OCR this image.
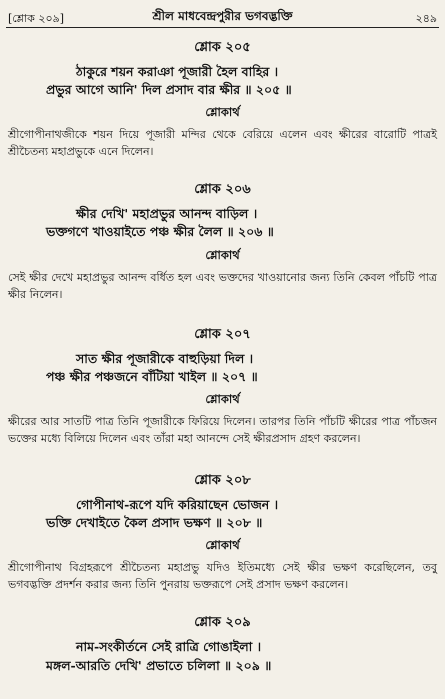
[শ্লোক ২০৯]	শ্রীল মাধবেন্দ্রপুরীর ভগবদ্ভক্তি	২৪৯
শ্লোক ২০৫
ঠাকুরে শয়ন করাঞা পূজারী হৈল বাহির ।
প্রভুর আগে আনি' দিল প্রসাদ বার ক্ষীর ॥ ২০৫ ॥
শ্লোকার্থ
শ্রীগোপীনাথজীকে শয়ন দিয়ে পূজারী মন্দির থেকে বেরিয়ে এলেন এবং ক্ষীরের বারোটি পাত্রই শ্রীচৈতন্য মহাপ্রভুকে এনে দিলেন।
শ্লোক ২০৬
ক্ষীর দেখি' মহাপ্রভুর আনন্দ বাড়িল ।
ভক্তগণে খাওয়াইতে পঞ্চ ক্ষীর লৈল ॥ ২০৬ ॥
শ্লোকার্থ
সেই ক্ষীর দেখে মহাপ্রভুর আনন্দ বর্ধিত হল এবং ভক্তদের খাওয়ানোর জন্য তিনি কেবল পাঁচটি পাত্র ক্ষীর নিলেন।
শ্লোক ২০৭
সাত ক্ষীর পূজারীকে বাহুড়িয়া দিল ।
পঞ্চ ক্ষীর পঞ্চজনে বাঁটিয়া খাইল ॥ ২০৭ ॥
শ্লোকার্থ
ক্ষীরের আর সাতটি পাত্র তিনি পূজারীকে ফিরিয়ে দিলেন। তারপর তিনি পাঁচটি ক্ষীরের পাত্র পাঁচজন ভক্তের মধ্যে বিলিয়ে দিলেন এবং তাঁরা মহা আনন্দে সেই ক্ষীরপ্রসাদ গ্রহণ করলেন।
শ্লোক ২০৮
গোপীনাথ-রূপে যদি করিয়াছেন ভোজন ।
ভক্তি দেখাইতে কৈল প্রসাদ ভক্ষণ ॥ ২০৮ ॥
শ্লোকার্থ
শ্রীগোপীনাথ বিগ্রহরূপে শ্রীচৈতন্য মহাপ্রভু যদিও ইতিমধ্যে সেই ক্ষীর ভক্ষণ করেছিলেন, তবু ভগবদ্ভক্তি প্রদর্শন করার জন্য তিনি পুনরায় ভক্তরূপে সেই প্রসাদ ভক্ষণ করলেন।
শ্লোক ২০৯
নাম-সংকীর্তনে সেই রাত্রি গোঙাইলা ।
মঙ্গল-আরতি দেখি' প্রভাতে চলিলা ॥ ২০৯ ॥
